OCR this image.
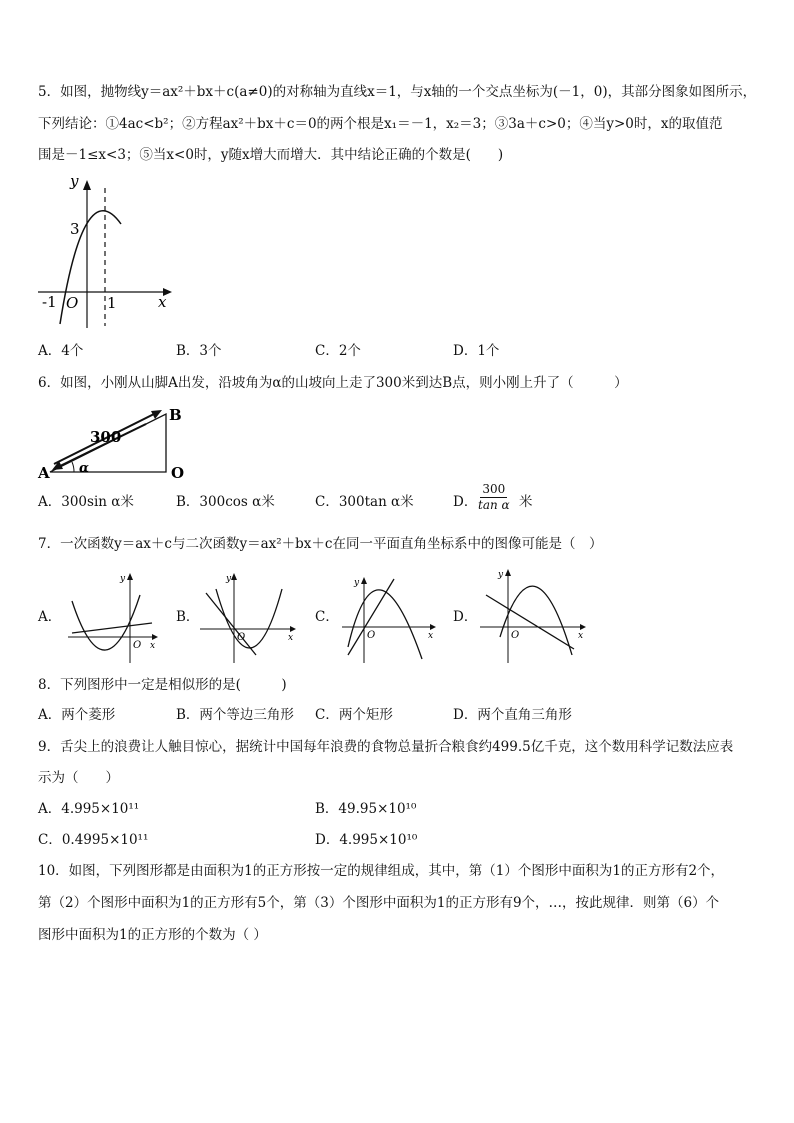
5．如图，抛物线y＝ax²＋bx＋c(a≠0)的对称轴为直线x＝1，与x轴的一个交点坐标为(－1，0)，其部分图象如图所示，
下列结论：①4ac<b²；②方程ax²＋bx＋c＝0的两个根是x₁＝－1，x₂＝3；③3a＋c>0；④当y>0时，x的取值范
围是－1≤x<3；⑤当x<0时，y随x增大而增大．其中结论正确的个数是(　　)
y
x
3
-1 O 1
A．4个	B．3个	C．2个	D．1个
6．如图，小刚从山脚A出发，沿坡角为α的山坡向上走了300米到达B点，则小刚上升了（　　　）
A
B
O
300
α
A．300sin α米	B．300cos α米	C．300tan α米	D． $\frac{300}{\text{tan α}}$ 米
7．一次函数y＝ax＋c与二次函数y＝ax²＋bx＋c在同一平面直角坐标系中的图像可能是（　）
A．
y
x
O
B．
y
x
O
C．
y
x
O
D．
y
x
O
8．下列图形中一定是相似形的是(　　　)
A．两个菱形	B．两个等边三角形 C．两个矩形	D．两个直角三角形
9．舌尖上的浪费让人触目惊心，据统计中国每年浪费的食物总量折合粮食约499.5亿千克，这个数用科学记数法应表
示为（　　）
A．4.995×10¹¹	B．49.95×10¹⁰
C．0.4995×10¹¹	D．4.995×10¹⁰
10．如图，下列图形都是由面积为1的正方形按一定的规律组成，其中，第（1）个图形中面积为1的正方形有2个，
第（2）个图形中面积为1的正方形有5个，第（3）个图形中面积为1的正方形有9个，…，按此规律．则第（6）个
图形中面积为1的正方形的个数为（ ）
